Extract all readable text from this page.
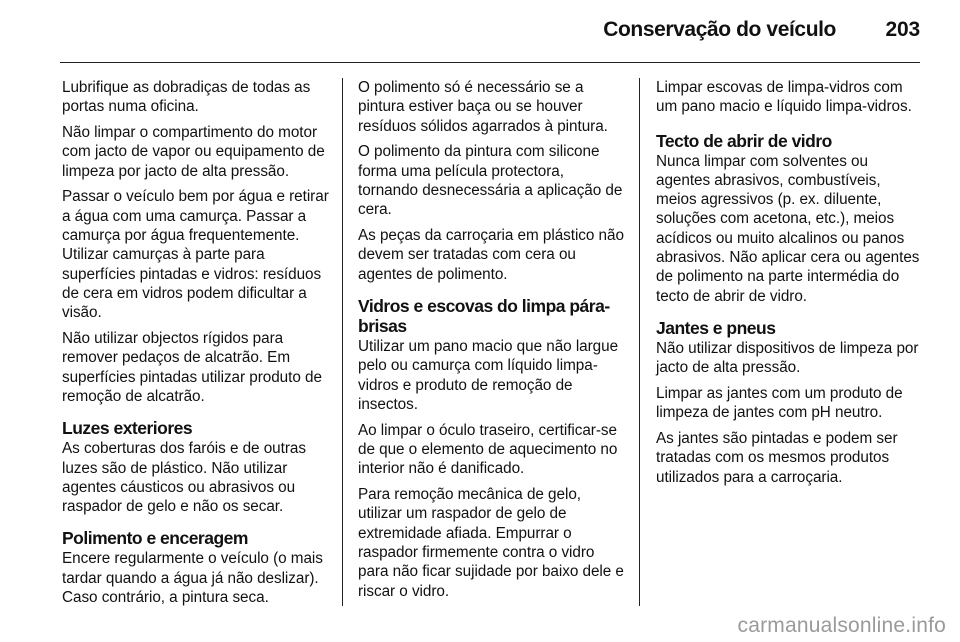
Conservação do veículo 203

Lubrifique as dobradiças de todas as portas numa oficina.

Não limpar o compartimento do motor com jacto de vapor ou equipamento de limpeza por jacto de alta pressão.

Passar o veículo bem por água e retirar a água com uma camurça. Passar a camurça por água frequentemente. Utilizar camurças à parte para superfícies pintadas e vidros: resíduos de cera em vidros podem dificultar a visão.

Não utilizar objectos rígidos para remover pedaços de alcatrão. Em superfícies pintadas utilizar produto de remoção de alcatrão.

Luzes exteriores

As coberturas dos faróis e de outras luzes são de plástico. Não utilizar agentes cáusticos ou abrasivos ou raspador de gelo e não os secar.

Polimento e enceragem

Encere regularmente o veículo (o mais tardar quando a água já não deslizar). Caso contrário, a pintura seca.

O polimento só é necessário se a pintura estiver baça ou se houver resíduos sólidos agarrados à pintura.

O polimento da pintura com silicone forma uma película protectora, tornando desnecessária a aplicação de cera.

As peças da carroçaria em plástico não devem ser tratadas com cera ou agentes de polimento.

Vidros e escovas do limpa pára-brisas

Utilizar um pano macio que não largue pelo ou camurça com líquido limpa-vidros e produto de remoção de insectos.

Ao limpar o óculo traseiro, certificar-se de que o elemento de aquecimento no interior não é danificado.

Para remoção mecânica de gelo, utilizar um raspador de gelo de extremidade afiada. Empurrar o raspador firmemente contra o vidro para não ficar sujidade por baixo dele e riscar o vidro.

Limpar escovas de limpa-vidros com um pano macio e líquido limpa-vidros.

Tecto de abrir de vidro

Nunca limpar com solventes ou agentes abrasivos, combustíveis, meios agressivos (p. ex. diluente, soluções com acetona, etc.), meios acídicos ou muito alcalinos ou panos abrasivos. Não aplicar cera ou agentes de polimento na parte intermédia do tecto de abrir de vidro.

Jantes e pneus

Não utilizar dispositivos de limpeza por jacto de alta pressão.

Limpar as jantes com um produto de limpeza de jantes com pH neutro.

As jantes são pintadas e podem ser tratadas com os mesmos produtos utilizados para a carroçaria.

carmanualsonline.info
